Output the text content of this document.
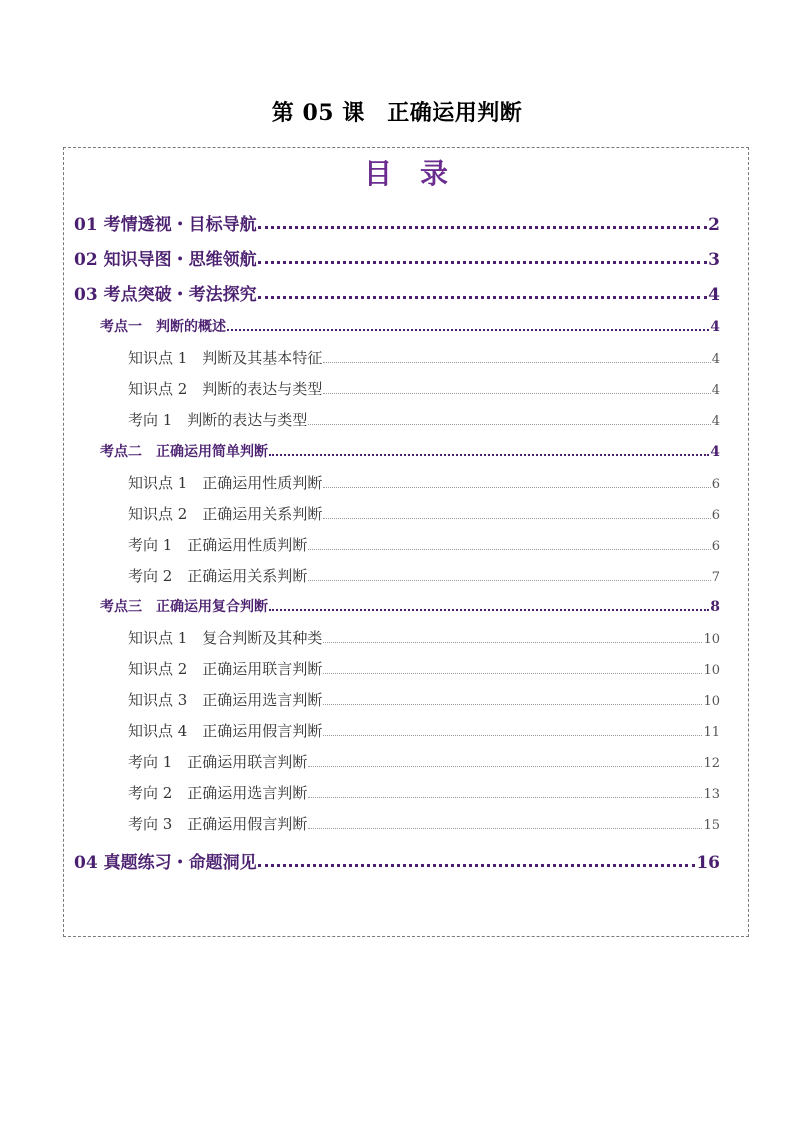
第 05 课　正确运用判断
目　录
01 考情透视・目标导航	2
02 知识导图・思维领航	3
03 考点突破・考法探究	4
考点一　判断的概述	4
知识点 1　判断及其基本特征	4
知识点 2　判断的表达与类型	4
考向 1　判断的表达与类型	4
考点二　正确运用简单判断	4
知识点 1　正确运用性质判断	6
知识点 2　正确运用关系判断	6
考向 1　正确运用性质判断	6
考向 2　正确运用关系判断	7
考点三　正确运用复合判断	8
知识点 1　复合判断及其种类	10
知识点 2　正确运用联言判断	10
知识点 3　正确运用选言判断	10
知识点 4　正确运用假言判断	11
考向 1　正确运用联言判断	12
考向 2　正确运用选言判断	13
考向 3　正确运用假言判断	15
04 真题练习・命题洞见	16
